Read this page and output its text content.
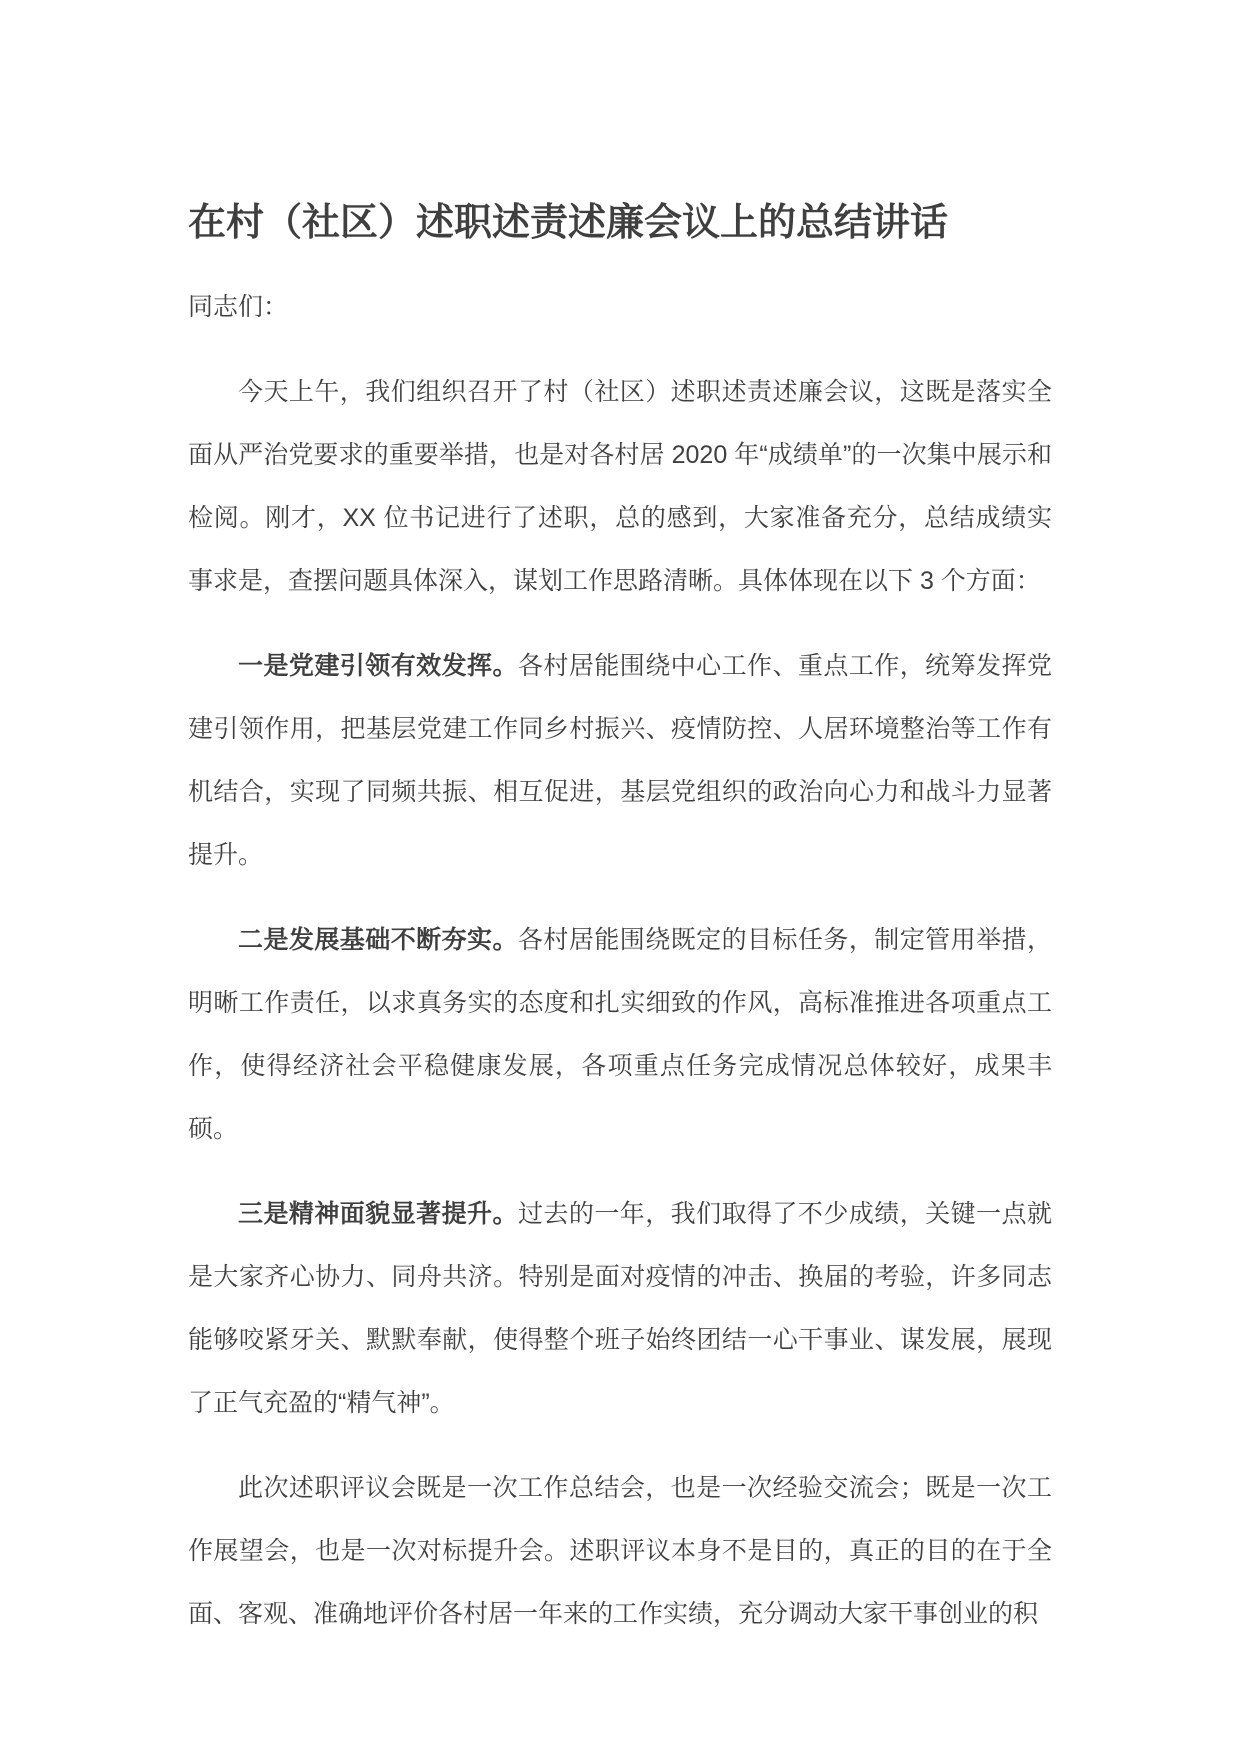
在村（社区）述职述责述廉会议上的总结讲话

同志们：

今天上午，我们组织召开了村（社区）述职述责述廉会议，这既是落实全面从严治党要求的重要举措，也是对各村居 2020 年“成绩单”的一次集中展示和检阅。刚才，XX 位书记进行了述职，总的感到，大家准备充分，总结成绩实事求是，查摆问题具体深入，谋划工作思路清晰。具体体现在以下 3 个方面：

一是党建引领有效发挥。各村居能围绕中心工作、重点工作，统筹发挥党建引领作用，把基层党建工作同乡村振兴、疫情防控、人居环境整治等工作有机结合，实现了同频共振、相互促进，基层党组织的政治向心力和战斗力显著提升。

二是发展基础不断夯实。各村居能围绕既定的目标任务，制定管用举措，明晰工作责任，以求真务实的态度和扎实细致的作风，高标准推进各项重点工作，使得经济社会平稳健康发展，各项重点任务完成情况总体较好，成果丰硕。

三是精神面貌显著提升。过去的一年，我们取得了不少成绩，关键一点就是大家齐心协力、同舟共济。特别是面对疫情的冲击、换届的考验，许多同志能够咬紧牙关、默默奉献，使得整个班子始终团结一心干事业、谋发展，展现了正气充盈的“精气神”。

此次述职评议会既是一次工作总结会，也是一次经验交流会；既是一次工作展望会，也是一次对标提升会。述职评议本身不是目的，真正的目的在于全面、客观、准确地评价各村居一年来的工作实绩，充分调动大家干事创业的积
